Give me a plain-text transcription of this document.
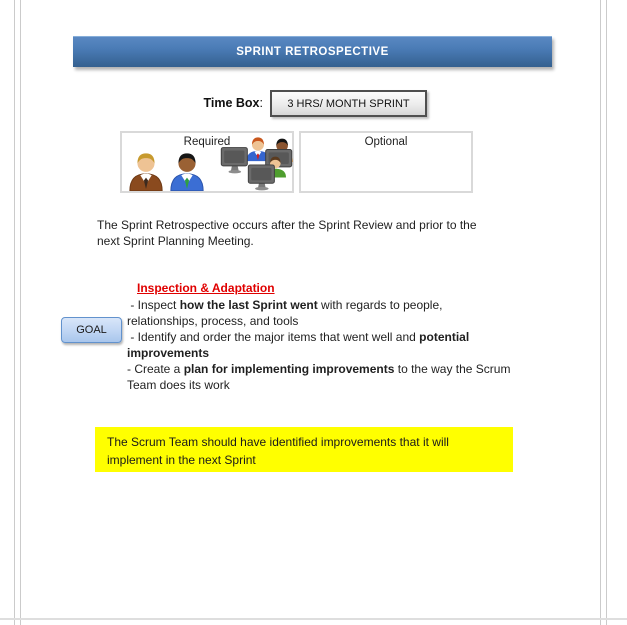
SPRINT RETROSPECTIVE
Time Box:	3 HRS/ MONTH SPRINT
Required	Optional
The Sprint Retrospective occurs after the Sprint Review and prior to the
next Sprint Planning Meeting.
GOAL
Inspection & Adaptation
- Inspect how the last Sprint went with regards to people,
relationships, process, and tools
- Identify and order the major items that went well and potential
improvements
- Create a plan for implementing improvements to the way the Scrum
Team does its work
The Scrum Team should have identified improvements that it will
implement in the next Sprint
